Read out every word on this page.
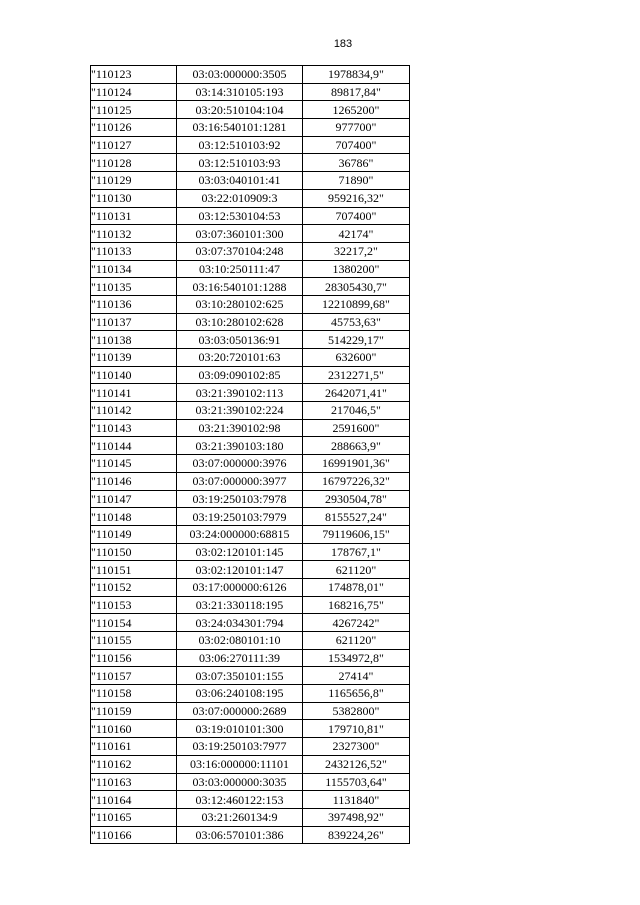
183
"110123	03:03:000000:3505	1978834,9"
"110124	03:14:310105:193	89817,84"
"110125	03:20:510104:104	1265200"
"110126	03:16:540101:1281	977700"
"110127	03:12:510103:92	707400"
"110128	03:12:510103:93	36786"
"110129	03:03:040101:41	71890"
"110130	03:22:010909:3	959216,32"
"110131	03:12:530104:53	707400"
"110132	03:07:360101:300	42174"
"110133	03:07:370104:248	32217,2"
"110134	03:10:250111:47	1380200"
"110135	03:16:540101:1288	28305430,7"
"110136	03:10:280102:625	12210899,68"
"110137	03:10:280102:628	45753,63"
"110138	03:03:050136:91	514229,17"
"110139	03:20:720101:63	632600"
"110140	03:09:090102:85	2312271,5"
"110141	03:21:390102:113	2642071,41"
"110142	03:21:390102:224	217046,5"
"110143	03:21:390102:98	2591600"
"110144	03:21:390103:180	288663,9"
"110145	03:07:000000:3976	16991901,36"
"110146	03:07:000000:3977	16797226,32"
"110147	03:19:250103:7978	2930504,78"
"110148	03:19:250103:7979	8155527,24"
"110149	03:24:000000:68815	79119606,15"
"110150	03:02:120101:145	178767,1"
"110151	03:02:120101:147	621120"
"110152	03:17:000000:6126	174878,01"
"110153	03:21:330118:195	168216,75"
"110154	03:24:034301:794	4267242"
"110155	03:02:080101:10	621120"
"110156	03:06:270111:39	1534972,8"
"110157	03:07:350101:155	27414"
"110158	03:06:240108:195	1165656,8"
"110159	03:07:000000:2689	5382800"
"110160	03:19:010101:300	179710,81"
"110161	03:19:250103:7977	2327300"
"110162	03:16:000000:11101	2432126,52"
"110163	03:03:000000:3035	1155703,64"
"110164	03:12:460122:153	1131840"
"110165	03:21:260134:9	397498,92"
"110166	03:06:570101:386	839224,26"
